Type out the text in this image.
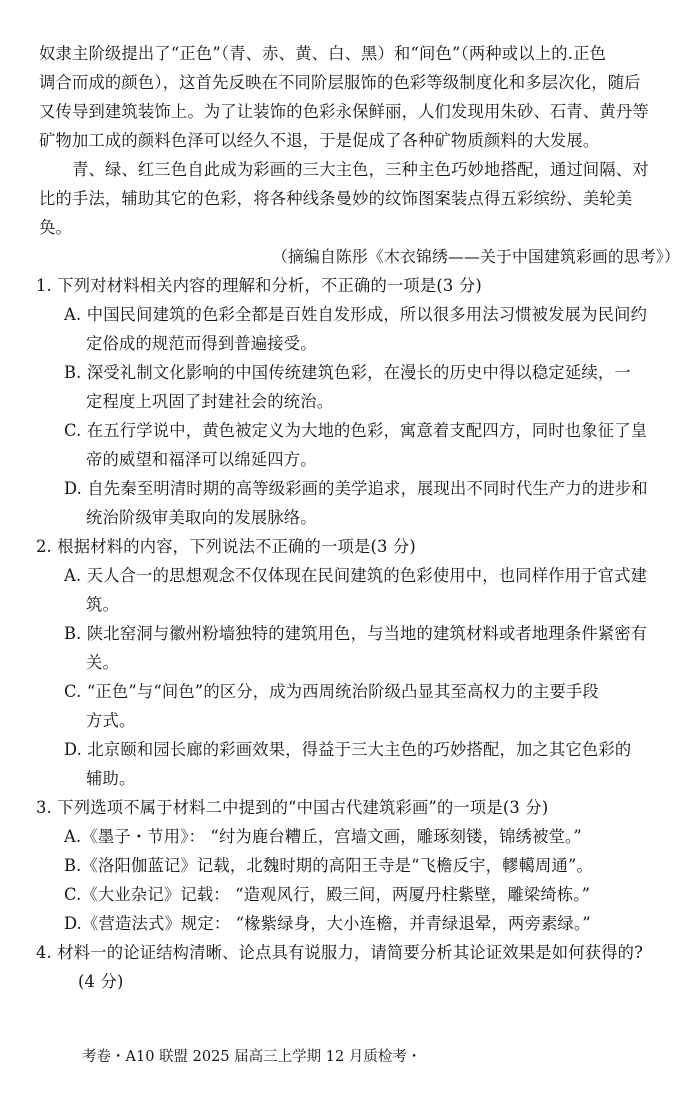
奴隶主阶级提出了“正色”（青、赤、黄、白、黑）和“间色”（两种或以上的.正色
调合而成的颜色），这首先反映在不同阶层服饰的色彩等级制度化和多层次化，随后
又传导到建筑装饰上。为了让装饰的色彩永保鲜丽，人们发现用朱砂、石青、黄丹等
矿物加工成的颜料色泽可以经久不退，于是促成了各种矿物质颜料的大发展。
青、绿、红三色自此成为彩画的三大主色，三种主色巧妙地搭配，通过间隔、对
比的手法，辅助其它的色彩，将各种线条曼妙的纹饰图案装点得五彩缤纷、美轮美
奂。
（摘编自陈彤《木衣锦绣——关于中国建筑彩画的思考》）
1. 下列对材料相关内容的理解和分析，不正确的一项是(3 分)
A. 中国民间建筑的色彩全都是百姓自发形成，所以很多用法习惯被发展为民间约
定俗成的规范而得到普遍接受。
B. 深受礼制文化影响的中国传统建筑色彩，在漫长的历史中得以稳定延续，一
定程度上巩固了封建社会的统治。
C. 在五行学说中，黄色被定义为大地的色彩，寓意着支配四方，同时也象征了皇
帝的威望和福泽可以绵延四方。
D. 自先秦至明清时期的高等级彩画的美学追求，展现出不同时代生产力的进步和
统治阶级审美取向的发展脉络。
2. 根据材料的内容，下列说法不正确的一项是(3 分)
A. 天人合一的思想观念不仅体现在民间建筑的色彩使用中，也同样作用于官式建
筑。
B. 陕北窑洞与徽州粉墙独特的建筑用色，与当地的建筑材料或者地理条件紧密有
关。
C. “正色”与“间色”的区分，成为西周统治阶级凸显其至高权力的主要手段
方式。
D. 北京颐和园长廊的彩画效果，得益于三大主色的巧妙搭配，加之其它色彩的
辅助。
3. 下列选项不属于材料二中提到的“中国古代建筑彩画”的一项是(3 分)
A.《墨子・节用》： “纣为鹿台糟丘，宫墙文画，雕琢刻镂，锦绣被堂。”
B.《洛阳伽蓝记》记载，北魏时期的高阳王寺是“飞檐反宇，轇轕周通”。
C.《大业杂记》记载： “造观风行，殿三间，两厦丹柱紫壁，雕梁绮栋。”
D.《营造法式》规定： “椽紫绿身，大小连檐，并青绿退晕，两旁素绿。”
4. 材料一的论证结构清晰、论点具有说服力，请简要分析其论证效果是如何获得的?
(4 分)
考卷・A10 联盟 2025 届高三上学期 12 月质检考・
